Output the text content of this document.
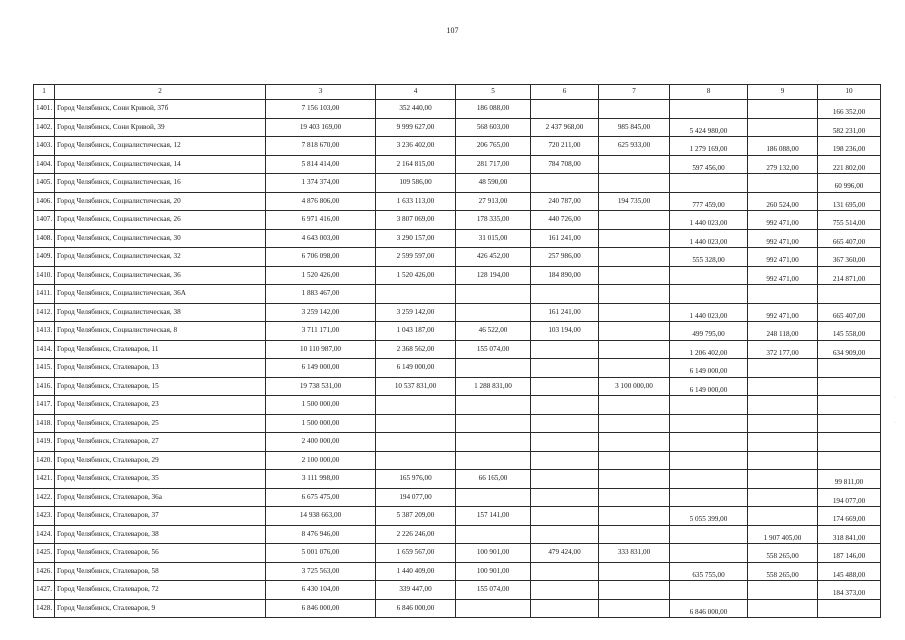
107
1	2	3	4	5	6	7	8	9	10
1401.	Город Челябинск, Сони Кривой, 37б	7 156 103,00	352 440,00	186 088,00					166 352,00
1402.	Город Челябинск, Сони Кривой, 39	19 403 169,00	9 999 627,00	568 603,00	2 437 968,00	985 845,00	5 424 980,00		582 231,00
1403.	Город Челябинск, Социалистическая, 12	7 818 670,00	3 236 402,00	206 765,00	720 211,00	625 933,00	1 279 169,00	186 088,00	198 236,00
1404.	Город Челябинск, Социалистическая, 14	5 814 414,00	2 164 815,00	281 717,00	784 708,00		597 456,00	279 132,00	221 802,00
1405.	Город Челябинск, Социалистическая, 16	1 374 374,00	109 586,00	48 590,00					60 996,00
1406.	Город Челябинск, Социалистическая, 20	4 876 806,00	1 633 113,00	27 913,00	240 787,00	194 735,00	777 459,00	260 524,00	131 695,00
1407.	Город Челябинск, Социалистическая, 26	6 971 416,00	3 807 069,00	178 335,00	440 726,00		1 440 023,00	992 471,00	755 514,00
1408.	Город Челябинск, Социалистическая, 30	4 643 003,00	3 290 157,00	31 015,00	161 241,00		1 440 023,00	992 471,00	665 407,00
1409.	Город Челябинск, Социалистическая, 32	6 706 098,00	2 599 597,00	426 452,00	257 986,00		555 328,00	992 471,00	367 360,00
1410.	Город Челябинск, Социалистическая, 36	1 520 426,00	1 520 426,00	128 194,00	184 890,00			992 471,00	214 871,00
1411.	Город Челябинск, Социалистическая, 36А	1 883 467,00							
1412.	Город Челябинск, Социалистическая, 38	3 259 142,00	3 259 142,00		161 241,00		1 440 023,00	992 471,00	665 407,00
1413.	Город Челябинск, Социалистическая, 8	3 711 171,00	1 043 187,00	46 522,00	103 194,00		499 795,00	248 118,00	145 558,00
1414.	Город Челябинск, Сталеваров, 11	10 110 987,00	2 368 562,00	155 074,00			1 206 402,00	372 177,00	634 909,00
1415.	Город Челябинск, Сталеваров, 13	6 149 000,00	6 149 000,00				6 149 000,00		
1416.	Город Челябинск, Сталеваров, 15	19 738 531,00	10 537 831,00	1 288 831,00		3 100 000,00	6 149 000,00		
1417.	Город Челябинск, Сталеваров, 23	1 500 000,00							
1418.	Город Челябинск, Сталеваров, 25	1 500 000,00							
1419.	Город Челябинск, Сталеваров, 27	2 400 000,00							
1420.	Город Челябинск, Сталеваров, 29	2 100 000,00							
1421.	Город Челябинск, Сталеваров, 35	3 111 998,00	165 976,00	66 165,00					99 811,00
1422.	Город Челябинск, Сталеваров, 36а	6 675 475,00	194 077,00						194 077,00
1423.	Город Челябинск, Сталеваров, 37	14 938 663,00	5 387 209,00	157 141,00			5 055 399,00		174 669,00
1424.	Город Челябинск, Сталеваров, 38	8 476 946,00	2 226 246,00					1 907 405,00	318 841,00
1425.	Город Челябинск, Сталеваров, 56	5 001 076,00	1 659 567,00	100 901,00	479 424,00	333 831,00		558 265,00	187 146,00
1426.	Город Челябинск, Сталеваров, 58	3 725 563,00	1 440 409,00	100 901,00			635 755,00	558 265,00	145 488,00
1427.	Город Челябинск, Сталеваров, 72	6 430 104,00	339 447,00	155 074,00					184 373,00
1428.	Город Челябинск, Сталеваров, 9	6 846 000,00	6 846 000,00				6 846 000,00		
·
·
